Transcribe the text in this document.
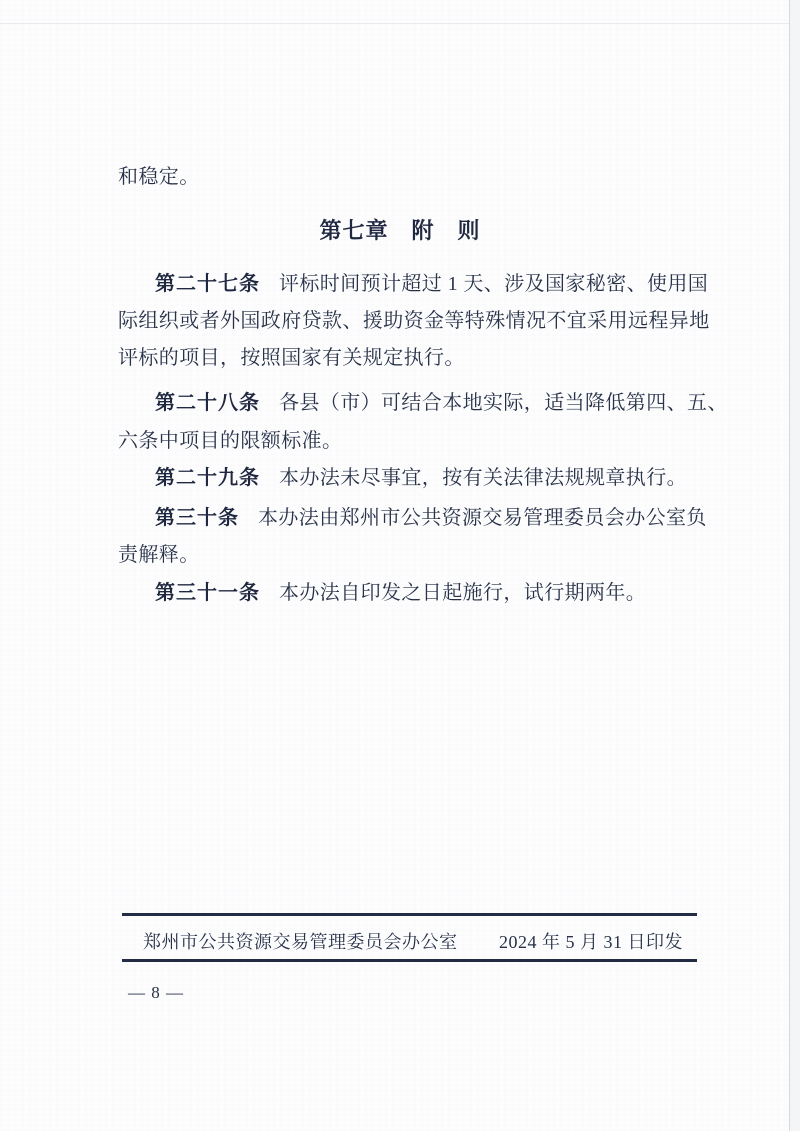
和稳定。
第七章　附　则
第二十七条 评标时间预计超过 1 天、涉及国家秘密、使用国
际组织或者外国政府贷款、援助资金等特殊情况不宜采用远程异地
评标的项目，按照国家有关规定执行。
第二十八条 各县（市）可结合本地实际，适当降低第四、五、
六条中项目的限额标准。
第二十九条 本办法未尽事宜，按有关法律法规规章执行。
第三十条 本办法由郑州市公共资源交易管理委员会办公室负
责解释。
第三十一条 本办法自印发之日起施行，试行期两年。
郑州市公共资源交易管理委员会办公室 2024 年 5 月 31 日印发
— 8 —
